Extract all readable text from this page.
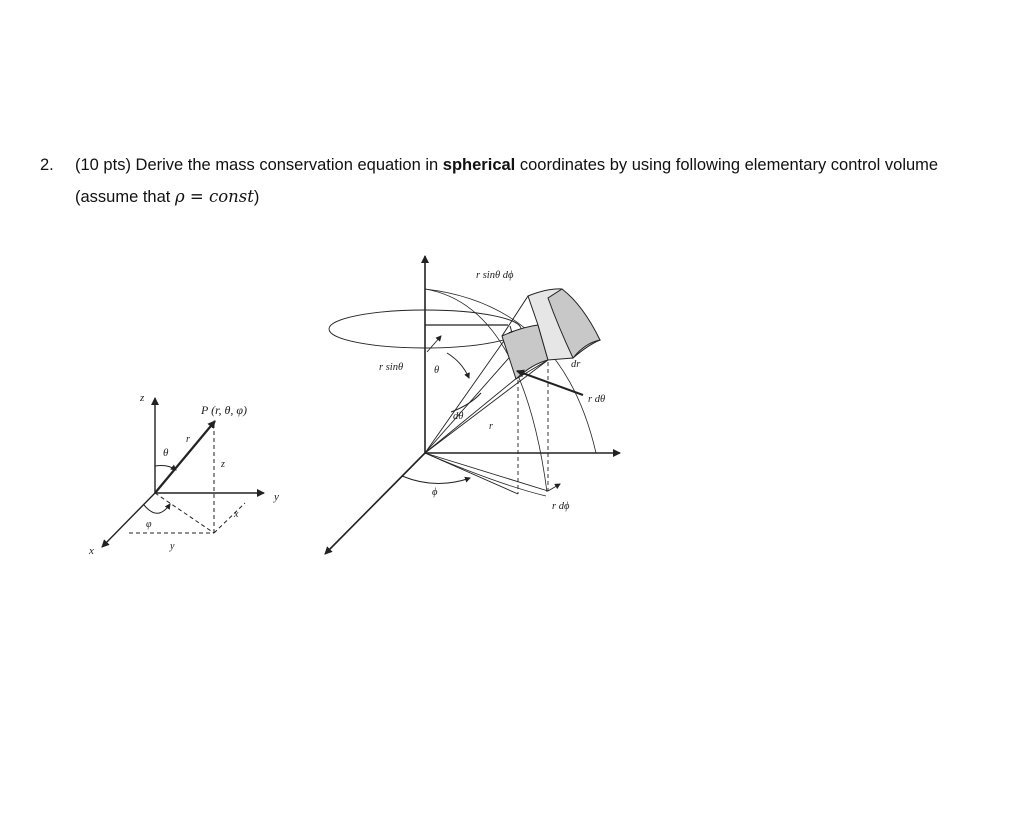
2. (10 pts) Derive the mass conservation equation in spherical coordinates by using following elementary control volume (assume that ρ = const)
P (r, θ, φ)
z
y
x
r
θ
φ
z
y
x
r sinθ dϕ
r sinθ	θ
dθ
r
dr
r dθ
ϕ
r dϕ
